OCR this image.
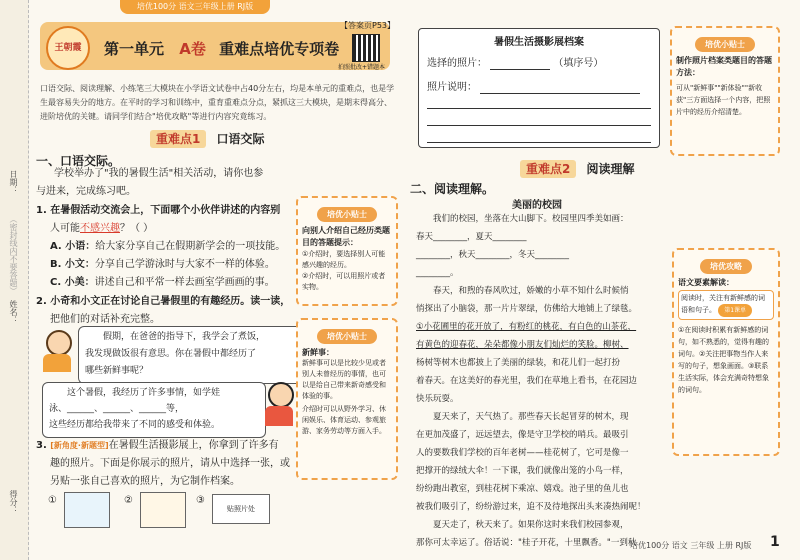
日期：
（密封线内不要答题）
姓名：
得分：
培优100分 语文三年级上册 RJ版
王朝霞	第一单元 A卷 重难点培优专项卷
【答案页P53】
拍照批改+错题本
口语交际、阅读理解、小练笔三大模块在小学语文试卷中占40分左右，均是本单元的重难点，也是学生最容易失分的地方。在平时的学习和训练中，重育重难点分点，紧抓这三大模块，是期末得高分、进阶培优的关键。请同学们结合"培优攻略"等进行内容究竟练习。
重难点1 口语交际
一、口语交际。
学校举办了"我的暑假生活"相关活动，请你也参
与进来，完成练习吧。
1. 在暑假活动交流会上，下面哪个小伙伴讲述的内容别
人可能不感兴趣？（ ）
A. 小语：给大家分享自己在假期新学会的一项技能。
B. 小文：分享自己学游泳时与大家不一样的体验。
C. 小美：讲述自己和平常一样去画室学画画的事。
2. 小奇和小文正在讨论自己暑假里的有趣经历。读一读，
把他们的对话补充完整。
假期，在爸爸的指导下，我学会了煮饭，
我发现做饭很有意思。你在暑假中都经历了
哪些新鲜事呢？
这个暑假，我经历了许多事情，如学娃
泳、______、______、______等，
这些经历都给我带来了不同的感受和体验。
3. [新角度·新题型]在暑假生活摄影展上，你拿到了许多有
趣的照片。下面是你展示的照片，请从中选择一张，或
另贴一张自己喜欢的照片，为它制作档案。
①	②	③
贴照片处
培优小贴士
向别人介绍自己经历类题目的答题提示：
①介绍时，要选择别人可能感兴趣的经历。
②介绍时，可以用照片或者实物。
培优小贴士
新鲜事：
新鲜事可以是比较少见或者别人未曾经历的事情，也可以是给自己带来新奇感受和体验的事。
介绍时可以从野外学习、休闲娱乐、体育运动、参观旅游、家务劳动等方面入手。
暑假生活摄影展档案
选择的照片：	（填序号）
照片说明：
培优小贴士
制作照片档案类题目的答题方法：
可从"新鲜事""新体验""新收获"三方面选择一个内容，把照片中的经历介绍清楚。
重难点2 阅读理解
二、阅读理解。
美丽的校园
我们的校园，坐落在大山脚下。校园里四季美如画：
春天________，夏天________
________，秋天________，冬天________
________。
春天，和煦的春风吹过，娇嫩的小草不知什么时候悄
悄探出了小脑袋，那一片片翠绿，仿佛给大地铺上了绿毯。
①小花圃里的花开放了，有粉红的桃花，有白色的山茶花，
有黄色的迎春花，朵朵都像小朋友们灿烂的笑脸。柳树、
杨树等树木也都披上了美丽的绿装，和花儿们一起打扮
着春天。在这美好的春光里，我们在草地上看书，在花园边
快乐玩耍。
夏天来了，天气热了。那些春天长起冒芽的树木，现
在更加茂盛了，远远望去，像是守卫学校的哨兵。最吸引
人的要数我们学校的百年老树——桂花树了，它可是像一
把撑开的绿绒大伞！一下课，我们就像出笼的小鸟一样，
纷纷跑出教室，到桂花树下乘凉、嬉戏。池子里的鱼儿也
被我们吸引了，纷纷游过来，追不及待地探出头来凑热闹呢！
夏天走了，秋天来了。如果你这时来我们校园参观，
那你可太幸运了。俗话说："桂子开花，十里飘香。"一到秋
培优攻略
语文要素解读：
阅读时，关注有新鲜感的词语和句子。 第1课单
①在阅读时积累有新鲜感的词句，如不熟悉的，觉得有趣的词句。②关注把事物当作人来写的句子，想象画面。③联系生活实际，体会充满奇特想象的词句。
培优100分 语文 三年级 上册 RJ版 1
